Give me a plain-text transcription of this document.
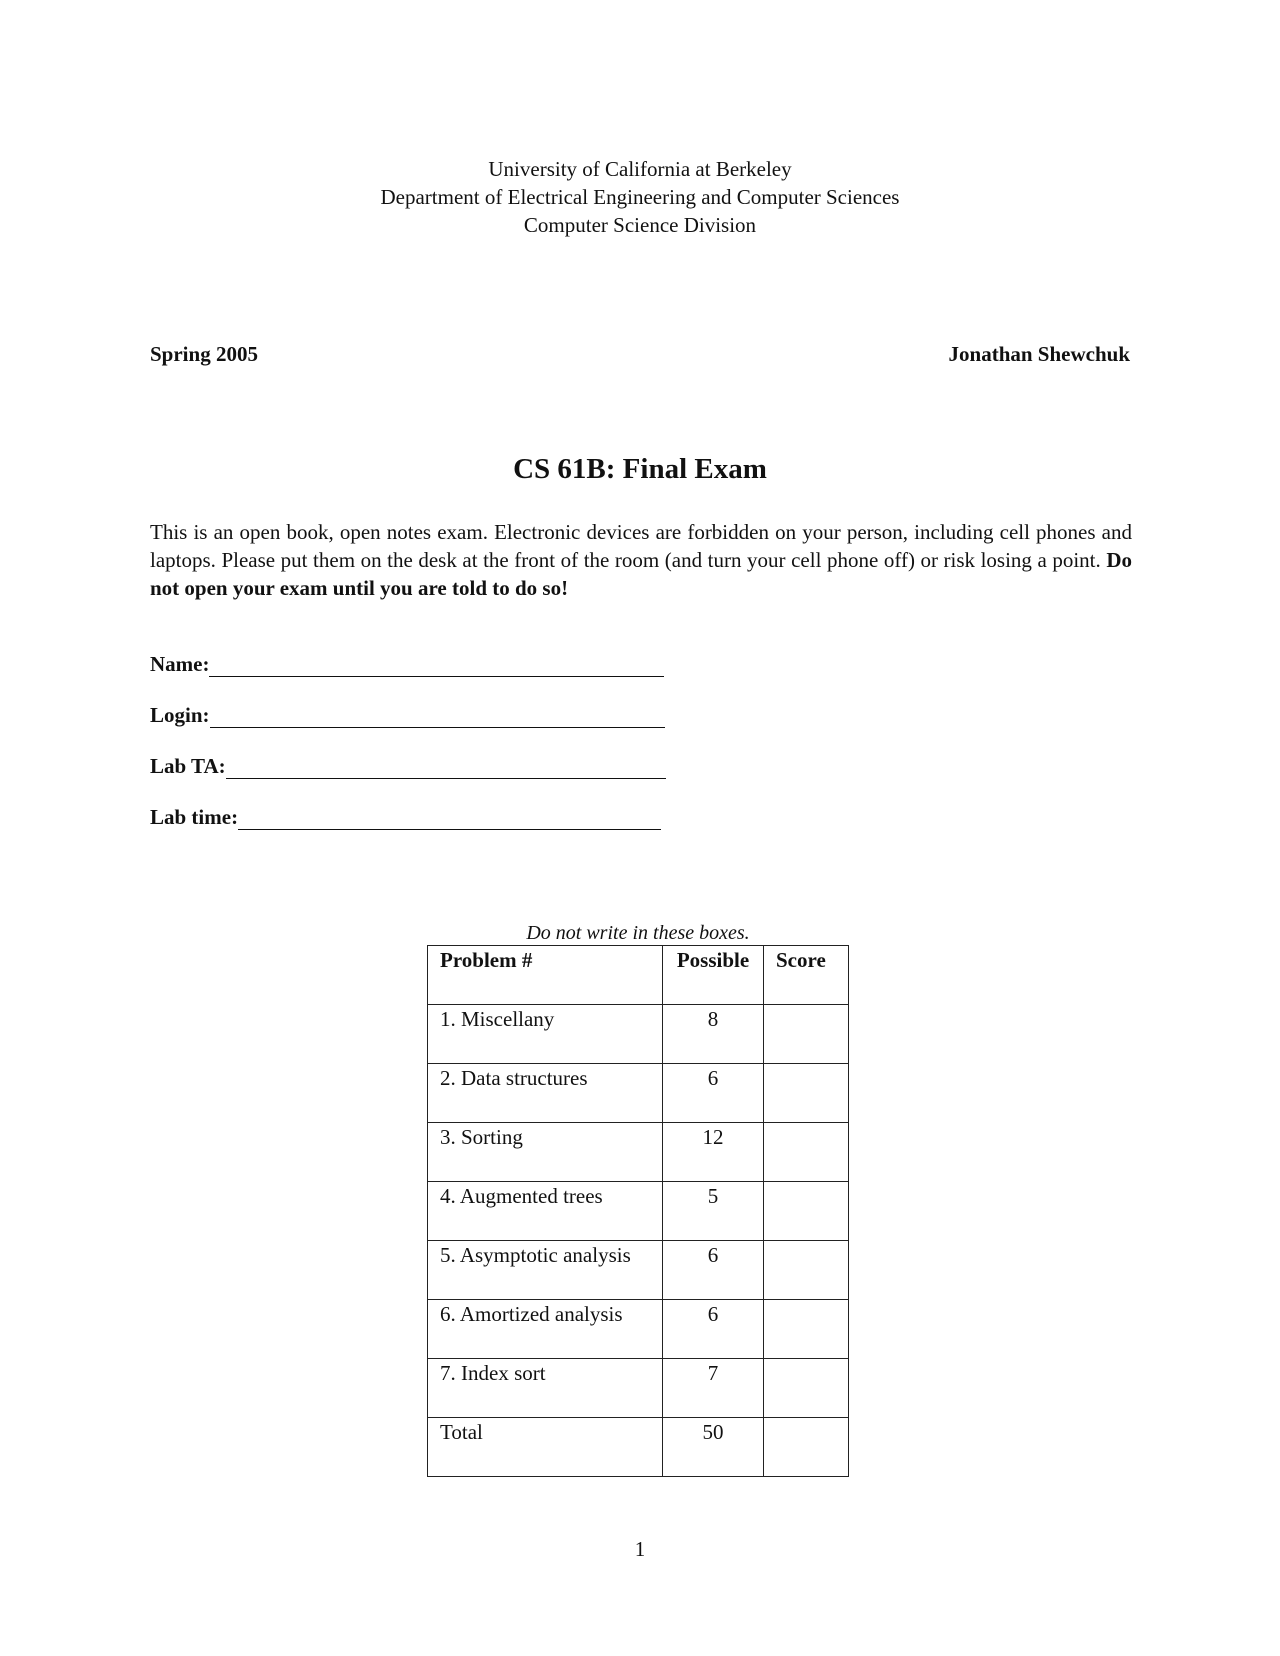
University of California at Berkeley
Department of Electrical Engineering and Computer Sciences
Computer Science Division
Spring 2005	Jonathan Shewchuk
CS 61B: Final Exam
This is an open book, open notes exam. Electronic devices are forbidden on your person, including cell phones and laptops. Please put them on the desk at the front of the room (and turn your cell phone off) or risk losing a point. Do not open your exam until you are told to do so!
Name:
Login:
Lab TA:
Lab time:
Do not write in these boxes.
Problem #	Possible	Score
1. Miscellany	8	
2. Data structures	6	
3. Sorting	12	
4. Augmented trees	5	
5. Asymptotic analysis	6	
6. Amortized analysis	6	
7. Index sort	7	
Total	50	
1
